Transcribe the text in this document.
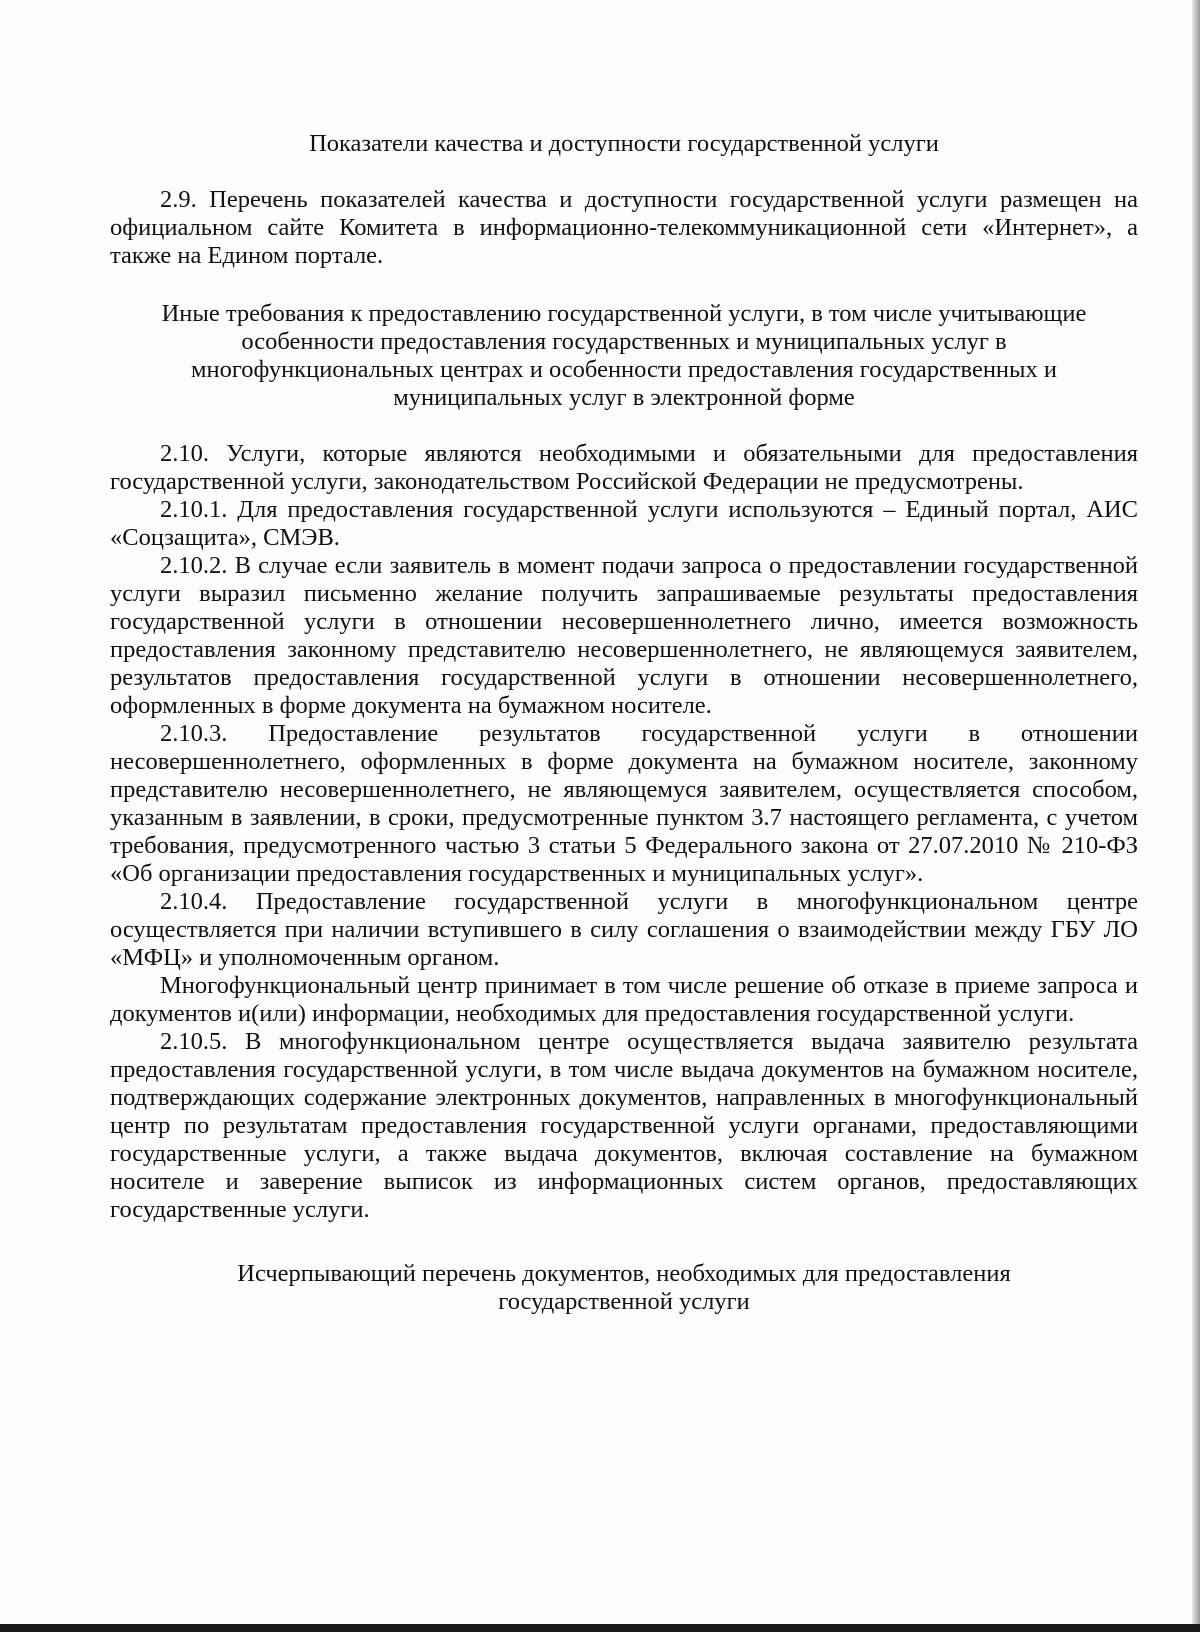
Показатели качества и доступности государственной услуги

2.9. Перечень показателей качества и доступности государственной услуги размещен на официальном сайте Комитета в информационно-телекоммуникационной сети «Интернет», а также на Едином портале.

Иные требования к предоставлению государственной услуги, в том числе учитывающие особенности предоставления государственных и муниципальных услуг в многофункциональных центрах и особенности предоставления государственных и муниципальных услуг в электронной форме

2.10. Услуги, которые являются необходимыми и обязательными для предоставления государственной услуги, законодательством Российской Федерации не предусмотрены.

2.10.1. Для предоставления государственной услуги используются – Единый портал, АИС «Соцзащита», СМЭВ.

2.10.2. В случае если заявитель в момент подачи запроса о предоставлении государственной услуги выразил письменно желание получить запрашиваемые результаты предоставления государственной услуги в отношении несовершеннолетнего лично, имеется возможность предоставления законному представителю несовершеннолетнего, не являющемуся заявителем, результатов предоставления государственной услуги в отношении несовершеннолетнего, оформленных в форме документа на бумажном носителе.

2.10.3. Предоставление результатов государственной услуги в отношении несовершеннолетнего, оформленных в форме документа на бумажном носителе, законному представителю несовершеннолетнего, не являющемуся заявителем, осуществляется способом, указанным в заявлении, в сроки, предусмотренные пунктом 3.7 настоящего регламента, с учетом требования, предусмотренного частью 3 статьи 5 Федерального закона от 27.07.2010 № 210-ФЗ «Об организации предоставления государственных и муниципальных услуг».

2.10.4. Предоставление государственной услуги в многофункциональном центре осуществляется при наличии вступившего в силу соглашения о взаимодействии между ГБУ ЛО «МФЦ» и уполномоченным органом.

Многофункциональный центр принимает в том числе решение об отказе в приеме запроса и документов и(или) информации, необходимых для предоставления государственной услуги.

2.10.5. В многофункциональном центре осуществляется выдача заявителю результата предоставления государственной услуги, в том числе выдача документов на бумажном носителе, подтверждающих содержание электронных документов, направленных в многофункциональный центр по результатам предоставления государственной услуги органами, предоставляющими государственные услуги, а также выдача документов, включая составление на бумажном носителе и заверение выписок из информационных систем органов, предоставляющих государственные услуги.

Исчерпывающий перечень документов, необходимых для предоставления государственной услуги
